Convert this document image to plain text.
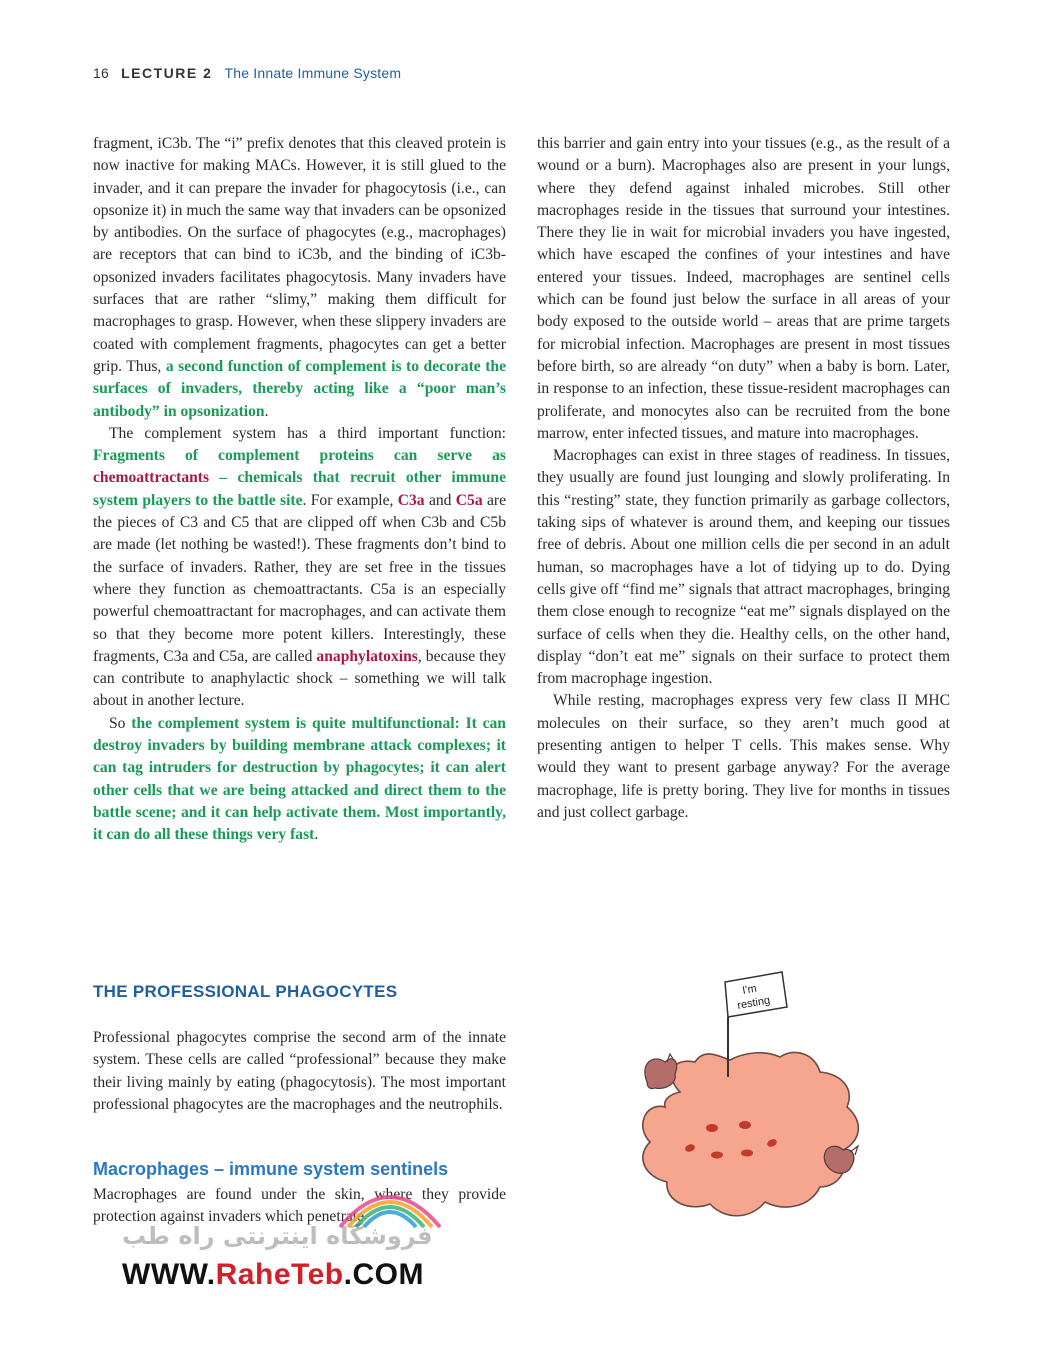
16 LECTURE 2 The Innate Immune System

fragment, iC3b. The “i” prefix denotes that this cleaved protein is now inactive for making MACs. However, it is still glued to the invader, and it can prepare the invader for phagocytosis (i.e., can opsonize it) in much the same way that invaders can be opsonized by antibodies. On the surface of phagocytes (e.g., macrophages) are receptors that can bind to iC3b, and the binding of iC3b-opsonized invaders facilitates phagocytosis. Many invaders have surfaces that are rather “slimy,” making them difficult for macrophages to grasp. However, when these slippery invaders are coated with complement fragments, phagocytes can get a better grip. Thus, a second function of complement is to decorate the surfaces of invaders, thereby acting like a “poor man’s antibody” in opsonization.

The complement system has a third important function: Fragments of complement proteins can serve as chemoattractants – chemicals that recruit other immune system players to the battle site. For example, C3a and C5a are the pieces of C3 and C5 that are clipped off when C3b and C5b are made (let nothing be wasted!). These fragments don’t bind to the surface of invaders. Rather, they are set free in the tissues where they function as chemoattractants. C5a is an especially powerful chemoattractant for macrophages, and can activate them so that they become more potent killers. Interestingly, these fragments, C3a and C5a, are called anaphylatoxins, because they can contribute to anaphylactic shock – something we will talk about in another lecture.

So the complement system is quite multifunctional: It can destroy invaders by building membrane attack complexes; it can tag intruders for destruction by phagocytes; it can alert other cells that we are being attacked and direct them to the battle scene; and it can help activate them. Most importantly, it can do all these things very fast.

this barrier and gain entry into your tissues (e.g., as the result of a wound or a burn). Macrophages also are present in your lungs, where they defend against inhaled microbes. Still other macrophages reside in the tissues that surround your intestines. There they lie in wait for microbial invaders you have ingested, which have escaped the confines of your intestines and have entered your tissues. Indeed, macrophages are sentinel cells which can be found just below the surface in all areas of your body exposed to the outside world – areas that are prime targets for microbial infection. Macrophages are present in most tissues before birth, so are already “on duty” when a baby is born. Later, in response to an infection, these tissue-resident macrophages can proliferate, and monocytes also can be recruited from the bone marrow, enter infected tissues, and mature into macrophages.

Macrophages can exist in three stages of readiness. In tissues, they usually are found just lounging and slowly proliferating. In this “resting” state, they function primarily as garbage collectors, taking sips of whatever is around them, and keeping our tissues free of debris. About one million cells die per second in an adult human, so macrophages have a lot of tidying up to do. Dying cells give off “find me” signals that attract macrophages, bringing them close enough to recognize “eat me” signals displayed on the surface of cells when they die. Healthy cells, on the other hand, display “don’t eat me” signals on their surface to protect them from macrophage ingestion.

While resting, macrophages express very few class II MHC molecules on their surface, so they aren’t much good at presenting antigen to helper T cells. This makes sense. Why would they want to present garbage anyway? For the average macrophage, life is pretty boring. They live for months in tissues and just collect garbage.

THE PROFESSIONAL PHAGOCYTES

Professional phagocytes comprise the second arm of the innate system. These cells are called “professional” because they make their living mainly by eating (phagocytosis). The most important professional phagocytes are the macrophages and the neutrophils.

Macrophages – immune system sentinels

Macrophages are found under the skin, where they provide protection against invaders which penetrate

فروشگاه اینترنتی راه طب
WWW.RaheTeb.COM
I'm
resting
